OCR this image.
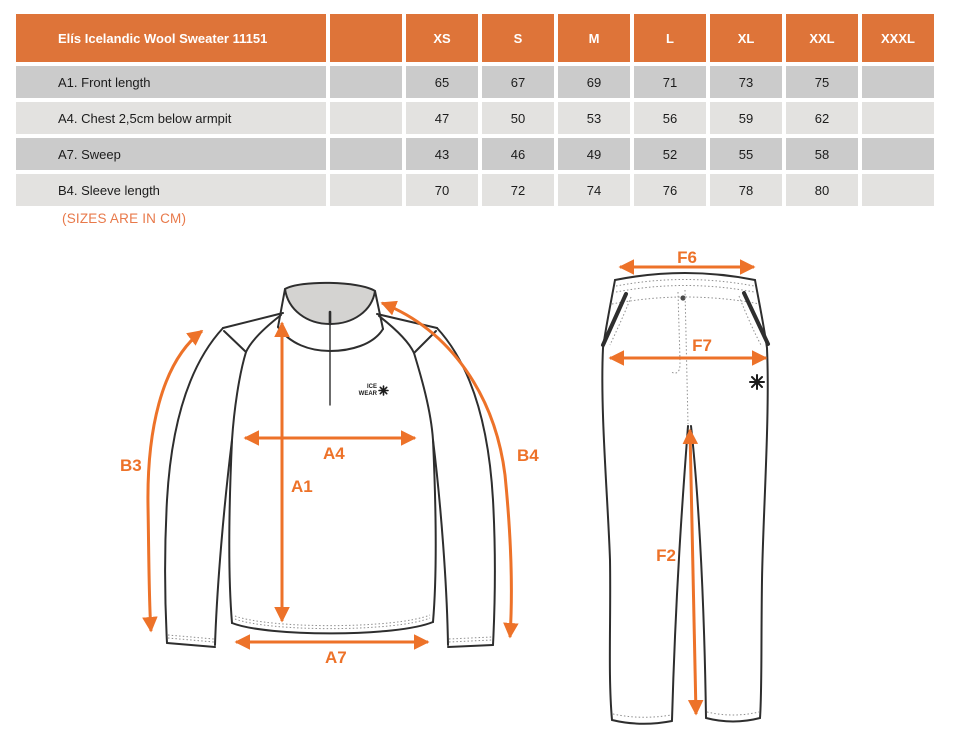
Elís Icelandic Wool Sweater 11151		XS	S	M	L	XL	XXL	XXXL
A1. Front length		65	67	69	71	73	75	
A4. Chest 2,5cm below armpit		47	50	53	56	59	62	
A7. Sweep		43	46	49	52	55	58	
B4. Sleeve length		70	72	74	76	78	80	
(SIZES ARE IN CM)
ICE
WEAR
B3
B4
A4
A1
A7
F6
F7
F2
